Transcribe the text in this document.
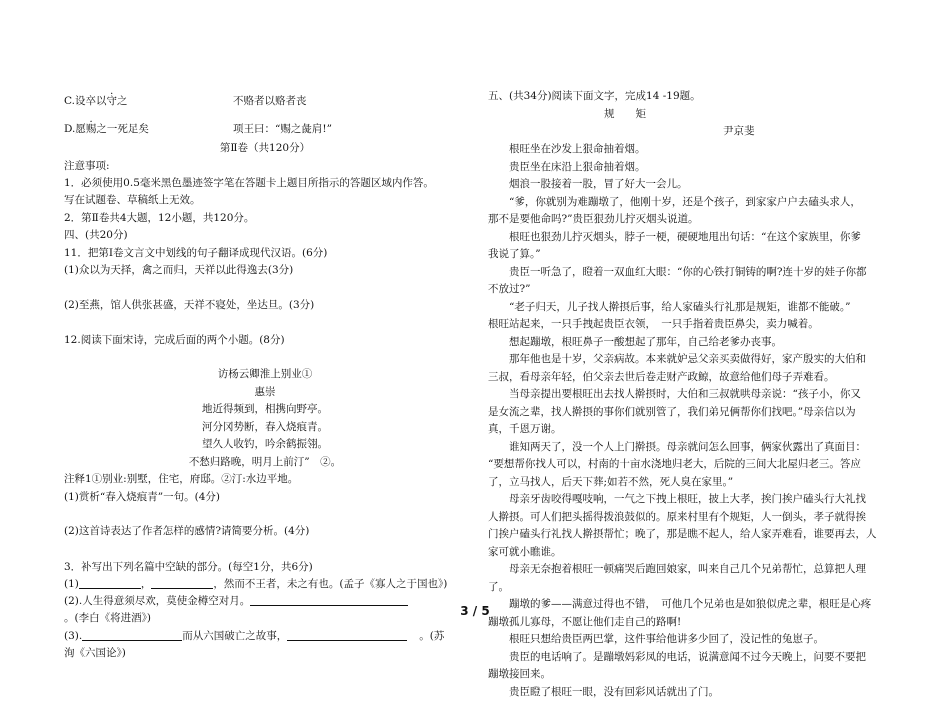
C.设卒以守之	不赂者以赂者丧
D.愿赐之一死足矣	项王曰：“赐之彘肩!”
第Ⅱ卷（共120分）
注意事项:
1．必须使用0.5毫米黑色墨迹签字笔在答题卡上题目所指示的答题区域内作答。
写在试题卷、草稿纸上无效。
2．第Ⅱ卷共4大题，12小题，共120分。
四、(共20分)
11．把第Ⅰ卷文言文中划线的句子翻译成现代汉语。(6分)
(1)众以为天择，禽之而归，天祥以此得逸去(3分)
(2)至燕，馆人供张甚盛，天祥不寝处，坐达旦。(3分)
12.阅读下面宋诗，完成后面的两个小题。(8分)
访杨云卿淮上别业①
惠崇
地近得频到，相携向野亭。
河分冈势断，春入烧痕青。
望久人收钓，吟余鹤振翎。
不愁归路晚，明月上前汀”　②。
注释1①别业:别墅，住宅，府邸。②汀:水边平地。
(1)赏析“春入烧痕青”一句。(4分)
(2)这首诗表达了作者怎样的感情?请简要分析。(4分)
3．补写出下列名篇中空缺的部分。(每空1分，共6分)
(1)	，	，然而不王者，未之有也。(孟子《寡人之于国也》)
(2).人生得意须尽欢，莫使金樽空对月。
。(李白《将进酒》)
(3).	而从六国破亡之故事，	。(苏
洵《六国论》)
五、(共34分)阅读下面文字，完成14 -19题。
规　　矩
尹京斐
根旺坐在沙发上狠命抽着烟。
贵臣坐在床沿上狠命抽着烟。
烟浪一股接着一股，冒了好大一会儿。
“爹，你就别为难蹦墩了，他刚十岁，还是个孩子，到家家户户去磕头求人，
那不是要他命吗?”贵臣狠劲儿拧灭烟头说道。
根旺也狠劲儿拧灭烟头，脖子一梗，硬硬地甩出句话：“在这个家族里，你爹
我说了算。”
贵臣一听急了，瞪着一双血红大眼：“你的心铁打铜铸的啊?连十岁的娃子你都
不放过?”
“老子归天，儿子找人擀摂后事，给人家磕头行礼那是规矩，谁都不能破。”
根旺站起来，一只手拽起贵臣衣领，　一只手指着贵臣鼻尖，卖力喊着。
想起蹦墩，根旺鼻子一酸想起了那年，自己给老爹办丧事。
那年他也是十岁，父亲病故。本来就妒忌父亲买卖做得好，家产殷实的大伯和
三叔，看母亲年轻，伯父亲去世后卷走财产政鲸，故意给他们母子弄难看。
当母亲提出要根旺出去找人擀摂时，大伯和三叔就哄母亲说：“孩子小，你又
是女流之辈，找人擀摂的事你们就别管了，我们弟兄俩帮你们找吧。”母亲信以为
真，千恩万谢。
谁知两天了，没一个人上门擀摂。母亲就问怎么回事，俩家伙露出了真面目：
“要想帮你找人可以，村南的十亩水浇地归老大，后院的三间大北屋归老三。答应
了，立马找人，后天下葬;如若不然，死人臭在家里。”
母亲牙齿咬得嘎吱响，一气之下拽上根旺，披上大孝，挨门挨户磕头行大礼找
人擀摂。可人们把头摇得拨浪鼓似的。原来村里有个规矩，人一倒头，孝子就得挨
门挨户磕头行礼找人擀摂帮忙；晚了，那是瞧不起人，给人家弄难看，谁要再去，人
家可就小瞧谁。
母亲无奈抱着根旺一顿痛哭后跑回娘家，叫来自己几个兄弟帮忙，总算把人理
了。
蹦墩的爹——满意过得也不错，　可他几个兄弟也是如狼似虎之辈，根旺是心疼
蹦墩孤儿寡母，不愿让他们走自己的路啊!
根旺只想给贵臣两巴掌，这件事给他讲多少回了，没记性的兔崽子。
贵臣的电话响了。是蹦墩妈彩凤的电话，说满意闻不过今天晚上，问要不要把
蹦墩接回来。
贵臣瞪了根旺一眼，没有回彩风话就出了门。
3 / 5
